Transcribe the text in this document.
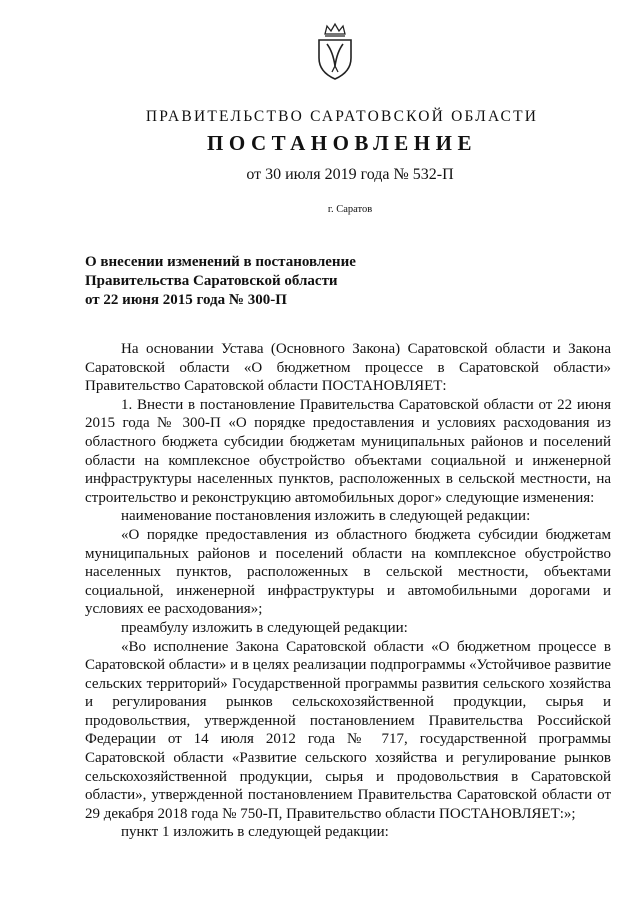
ПРАВИТЕЛЬСТВО САРАТОВСКОЙ ОБЛАСТИ
ПОСТАНОВЛЕНИЕ
от 30 июля 2019 года № 532-П
г. Саратов
О внесении изменений в постановление
Правительства Саратовской области
от 22 июня 2015 года № 300-П

На основании Устава (Основного Закона) Саратовской области и Закона Саратовской области «О бюджетном процессе в Саратовской области» Правительство Саратовской области ПОСТАНОВЛЯЕТ:

1. Внести в постановление Правительства Саратовской области от 22 июня 2015 года № 300-П «О порядке предоставления и условиях расходования из областного бюджета субсидии бюджетам муниципальных районов и поселений области на комплексное обустройство объектами социальной и инженерной инфраструктуры населенных пунктов, расположенных в сельской местности, на строительство и реконструкцию автомобильных дорог» следующие изменения:

наименование постановления изложить в следующей редакции:

«О порядке предоставления из областного бюджета субсидии бюджетам муниципальных районов и поселений области на комплексное обустройство населенных пунктов, расположенных в сельской местности, объектами социальной, инженерной инфраструктуры и автомобильными дорогами и условиях ее расходования»;

преамбулу изложить в следующей редакции:

«Во исполнение Закона Саратовской области «О бюджетном процессе в Саратовской области» и в целях реализации подпрограммы «Устойчивое развитие сельских территорий» Государственной программы развития сельского хозяйства и регулирования рынков сельскохозяйственной продукции, сырья и продовольствия, утвержденной постановлением Правительства Российской Федерации от 14 июля 2012 года № 717, государственной программы Саратовской области «Развитие сельского хозяйства и регулирование рынков сельскохозяйственной продукции, сырья и продовольствия в Саратовской области», утвержденной постановлением Правительства Саратовской области от 29 декабря 2018 года № 750-П, Правительство области ПОСТАНОВЛЯЕТ:»;

пункт 1 изложить в следующей редакции:
